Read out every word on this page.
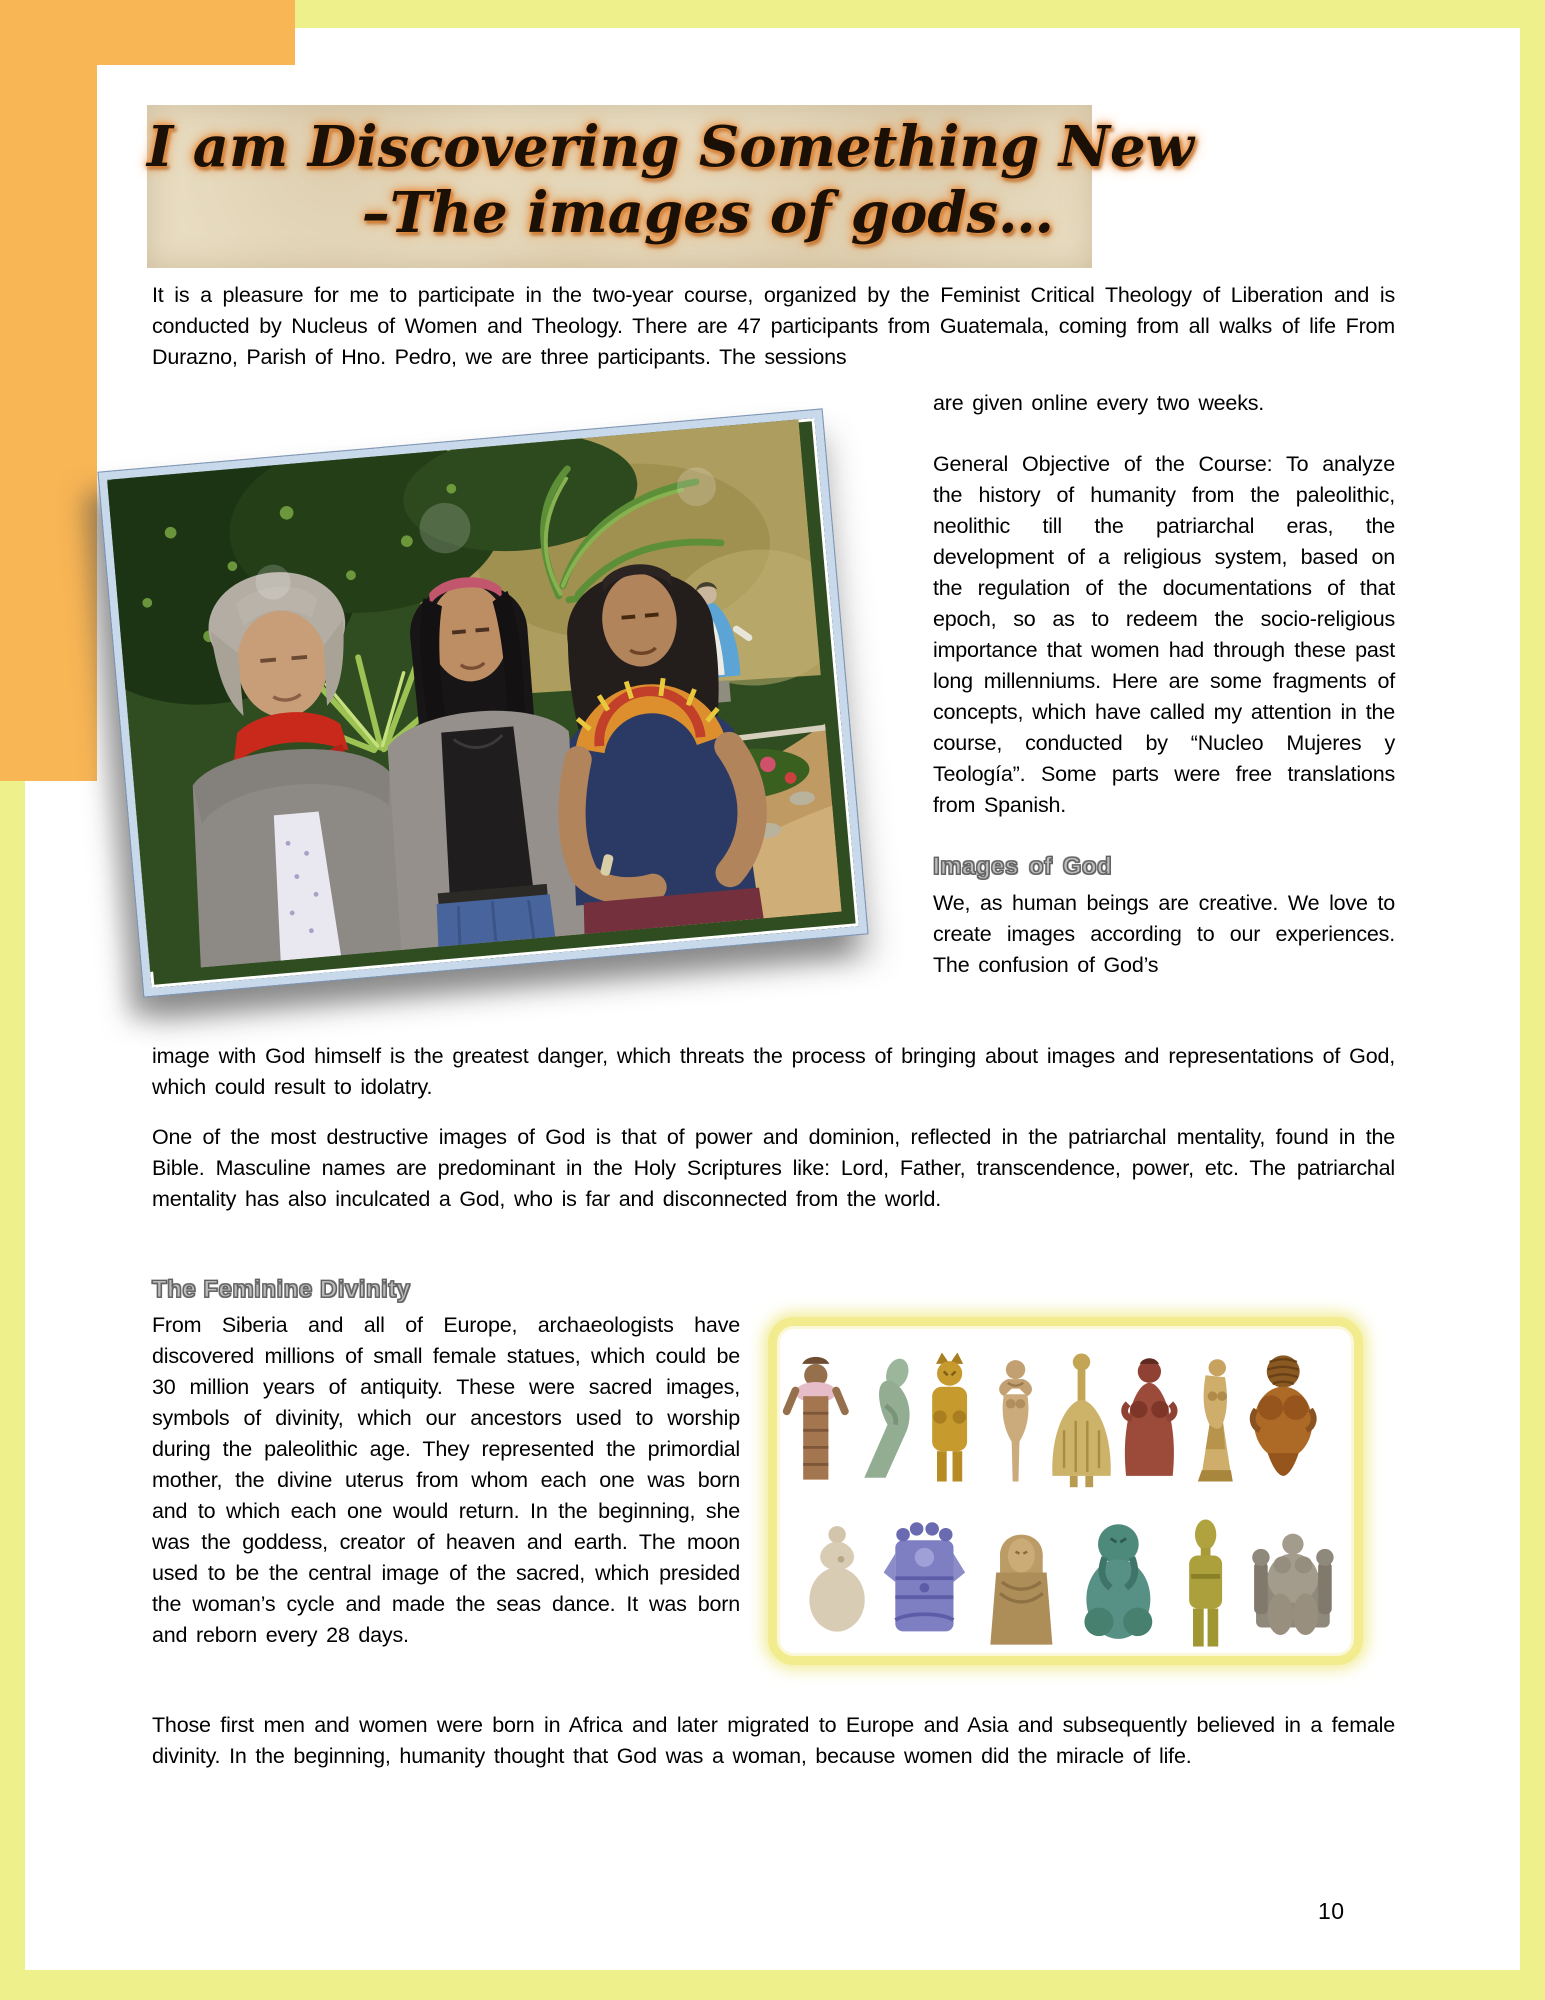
I am Discovering Something New
–The images of gods…
It is a pleasure for me to participate in the two-year course, organized by the Feminist Critical Theology of Liberation and is conducted by Nucleus of Women and Theology. There are 47 participants from Guatemala, coming from all walks of life From Durazno, Parish of Hno. Pedro, we are three participants. The sessions
are given online every two weeks.
General Objective of the Course: To analyze the history of humanity from the paleolithic, neolithic till the patriarchal eras, the development of a religious system, based on the regulation of the documentations of that epoch, so as to redeem the socio-religious importance that women had through these past long millenniums. Here are some fragments of concepts, which have called my attention in the course, conducted by “Nucleo Mujeres y Teología”. Some parts were free translations from Spanish.
Images of God
We, as human beings are creative. We love to create images according to our experiences. The confusion of God’s
image with God himself is the greatest danger, which threats the process of bringing about images and representations of God, which could result to idolatry.
One of the most destructive images of God is that of power and dominion, reflected in the patriarchal mentality, found in the Bible. Masculine names are predominant in the Holy Scriptures like: Lord, Father, transcendence, power, etc. The patriarchal mentality has also inculcated a God, who is far and disconnected from the world.
The Feminine Divinity
From Siberia and all of Europe, archaeologists have discovered millions of small female statues, which could be 30 million years of antiquity. These were sacred images, symbols of divinity, which our ancestors used to worship during the paleolithic age. They represented the primordial mother, the divine uterus from whom each one was born and to which each one would return. In the beginning, she was the goddess, creator of heaven and earth. The moon used to be the central image of the sacred, which presided the woman’s cycle and made the seas dance. It was born and reborn every 28 days.
Those first men and women were born in Africa and later migrated to Europe and Asia and subsequently believed in a female divinity. In the beginning, humanity thought that God was a woman, because women did the miracle of life.
10
